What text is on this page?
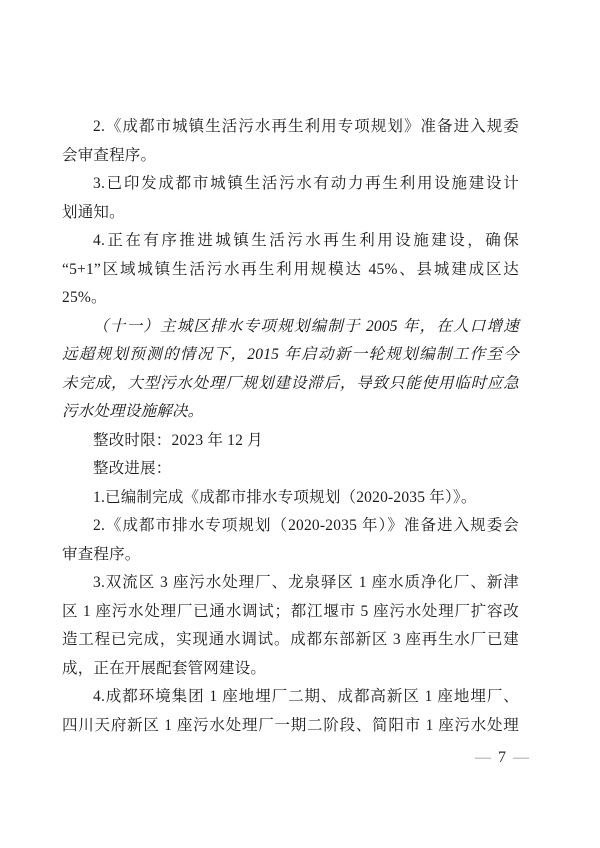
2.《成都市城镇生活污水再生利用专项规划》准备进入规委
会审查程序。
3.已印发成都市城镇生活污水有动力再生利用设施建设计
划通知。
4.正在有序推进城镇生活污水再生利用设施建设，确保
“5+1”区域城镇生活污水再生利用规模达 45%、县城建成区达
25%。
（十一）主城区排水专项规划编制于 2005 年，在人口增速
远超规划预测的情况下，2015 年启动新一轮规划编制工作至今
未完成，大型污水处理厂规划建设滞后，导致只能使用临时应急
污水处理设施解决。
整改时限：2023 年 12 月
整改进展：
1.已编制完成《成都市排水专项规划（2020-2035 年）》。
2.《成都市排水专项规划（2020-2035 年）》准备进入规委会
审查程序。
3.双流区 3 座污水处理厂、龙泉驿区 1 座水质净化厂、新津
区 1 座污水处理厂已通水调试；都江堰市 5 座污水处理厂扩容改
造工程已完成，实现通水调试。成都东部新区 3 座再生水厂已建
成，正在开展配套管网建设。
4.成都环境集团 1 座地埋厂二期、成都高新区 1 座地埋厂、
四川天府新区 1 座污水处理厂一期二阶段、简阳市 1 座污水处理
— 7 —
